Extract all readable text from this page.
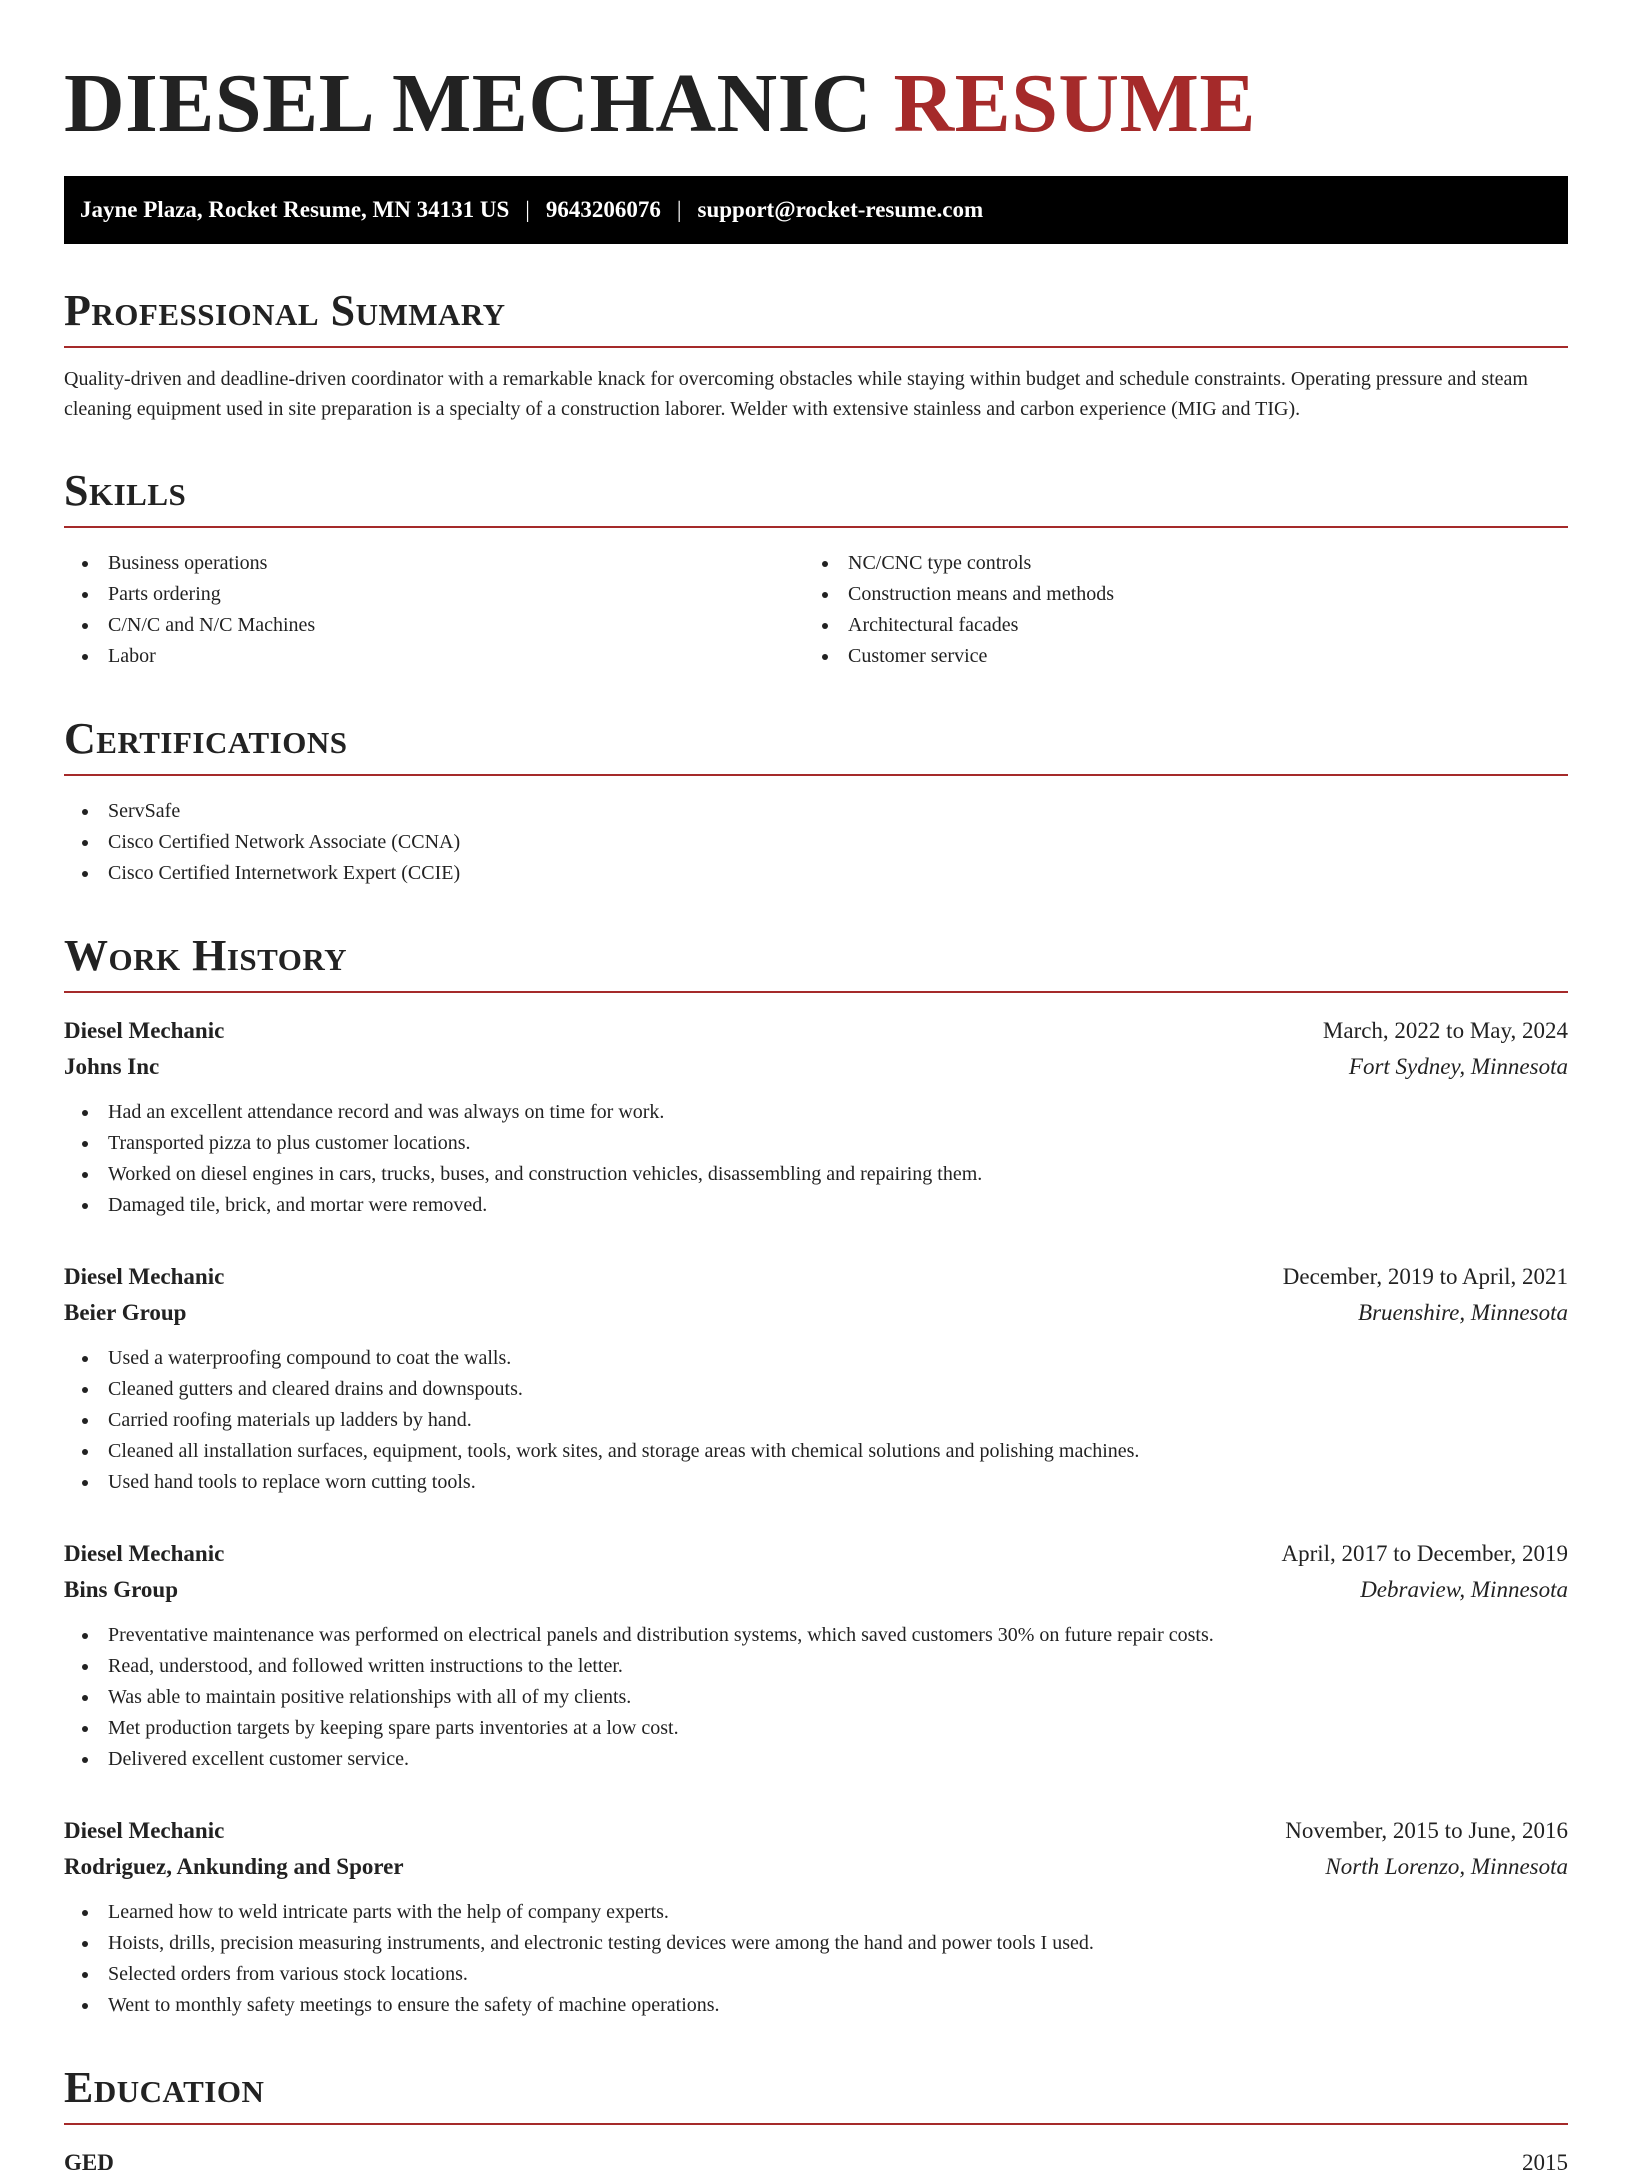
DIESEL MECHANIC RESUME
Jayne Plaza, Rocket Resume, MN 34131 US | 9643206076 | support@rocket-resume.com
Professional Summary

Quality-driven and deadline-driven coordinator with a remarkable knack for overcoming obstacles while staying within budget and schedule constraints. Operating pressure and steam cleaning equipment used in site preparation is a specialty of a construction laborer. Welder with extensive stainless and carbon experience (MIG and TIG).

Skills
Business operations
Parts ordering
C/N/C and N/C Machines
Labor
NC/CNC type controls
Construction means and methods
Architectural facades
Customer service
Certifications
ServSafe
Cisco Certified Network Associate (CCNA)
Cisco Certified Internetwork Expert (CCIE)
Work History
Diesel Mechanic	March, 2022 to May, 2024
Johns Inc	Fort Sydney, Minnesota
Had an excellent attendance record and was always on time for work.
Transported pizza to plus customer locations.
Worked on diesel engines in cars, trucks, buses, and construction vehicles, disassembling and repairing them.
Damaged tile, brick, and mortar were removed.
Diesel Mechanic	December, 2019 to April, 2021
Beier Group	Bruenshire, Minnesota
Used a waterproofing compound to coat the walls.
Cleaned gutters and cleared drains and downspouts.
Carried roofing materials up ladders by hand.
Cleaned all installation surfaces, equipment, tools, work sites, and storage areas with chemical solutions and polishing machines.
Used hand tools to replace worn cutting tools.
Diesel Mechanic	April, 2017 to December, 2019
Bins Group	Debraview, Minnesota
Preventative maintenance was performed on electrical panels and distribution systems, which saved customers 30% on future repair costs.
Read, understood, and followed written instructions to the letter.
Was able to maintain positive relationships with all of my clients.
Met production targets by keeping spare parts inventories at a low cost.
Delivered excellent customer service.
Diesel Mechanic	November, 2015 to June, 2016
Rodriguez, Ankunding and Sporer	North Lorenzo, Minnesota
Learned how to weld intricate parts with the help of company experts.
Hoists, drills, precision measuring instruments, and electronic testing devices were among the hand and power tools I used.
Selected orders from various stock locations.
Went to monthly safety meetings to ensure the safety of machine operations.
Education
GED	2015
